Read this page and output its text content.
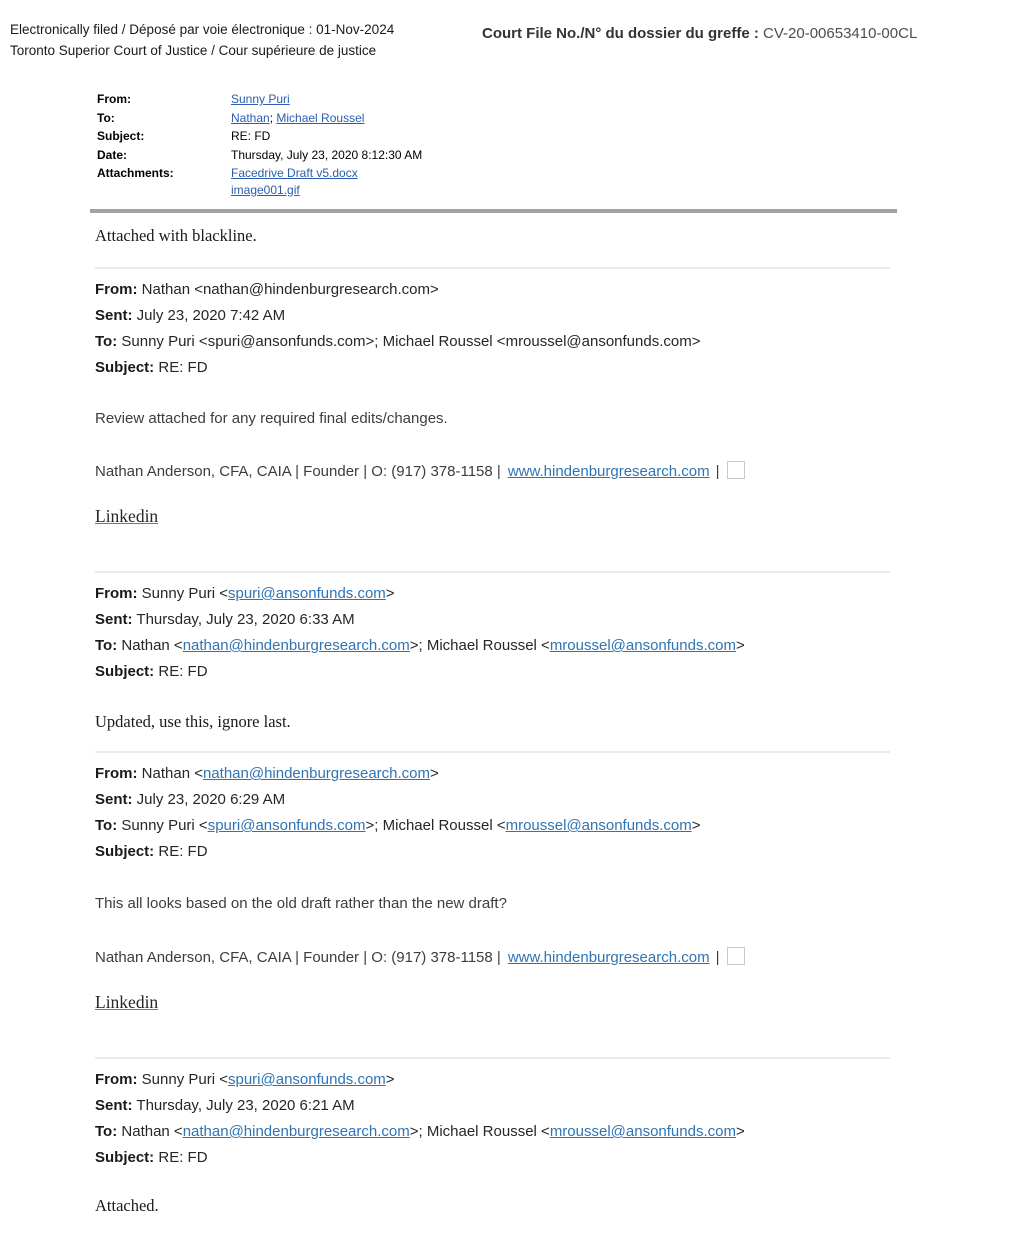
Electronically filed / Déposé par voie électronique : 01-Nov-2024
Toronto Superior Court of Justice / Cour supérieure de justice
Court File No./N° du dossier du greffe : CV-20-00653410-00CL
From:	Sunny Puri
To:	Nathan; Michael Roussel
Subject:	RE: FD
Date:	Thursday, July 23, 2020 8:12:30 AM
Attachments:	Facedrive Draft v5.docx
image001.gif

Attached with blackline.

From: Nathan <nathan@hindenburgresearch.com>
Sent: July 23, 2020 7:42 AM
To: Sunny Puri <spuri@ansonfunds.com>; Michael Roussel <mroussel@ansonfunds.com>
Subject: RE: FD

Review attached for any required final edits/changes.

Nathan Anderson, CFA, CAIA | Founder | O: (917) 378-1158 | www.hindenburgresearch.com |
Linkedin
From: Sunny Puri <spuri@ansonfunds.com>
Sent: Thursday, July 23, 2020 6:33 AM
To: Nathan <nathan@hindenburgresearch.com>; Michael Roussel <mroussel@ansonfunds.com>
Subject: RE: FD

Updated, use this, ignore last.

From: Nathan <nathan@hindenburgresearch.com>
Sent: July 23, 2020 6:29 AM
To: Sunny Puri <spuri@ansonfunds.com>; Michael Roussel <mroussel@ansonfunds.com>
Subject: RE: FD

This all looks based on the old draft rather than the new draft?

Nathan Anderson, CFA, CAIA | Founder | O: (917) 378-1158 | www.hindenburgresearch.com |
Linkedin
From: Sunny Puri <spuri@ansonfunds.com>
Sent: Thursday, July 23, 2020 6:21 AM
To: Nathan <nathan@hindenburgresearch.com>; Michael Roussel <mroussel@ansonfunds.com>
Subject: RE: FD

Attached.
